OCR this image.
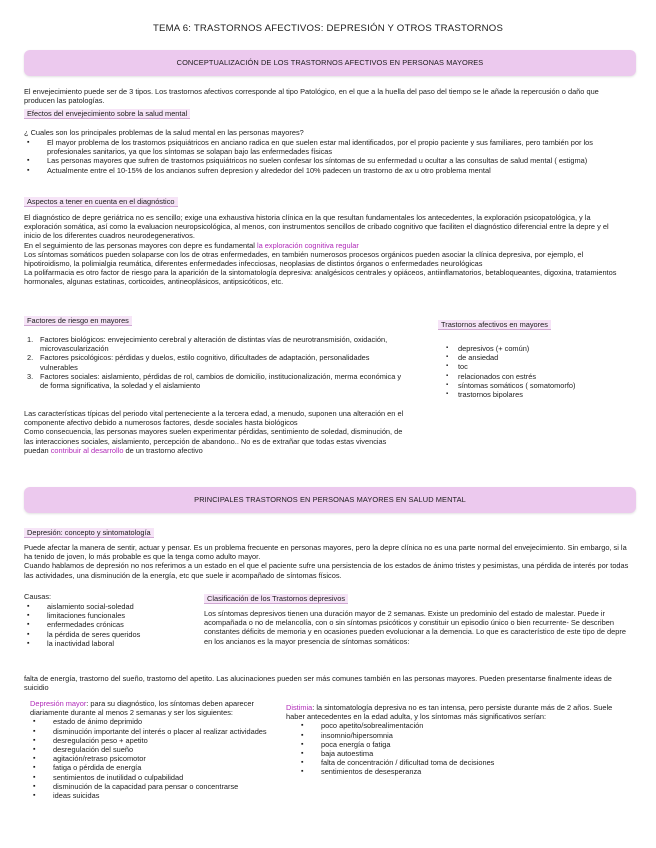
TEMA 6: TRASTORNOS AFECTIVOS: DEPRESIÓN Y OTROS TRASTORNOS
CONCEPTUALIZACIÓN DE LOS TRASTORNOS AFECTIVOS EN PERSONAS MAYORES

El envejecimiento puede ser de 3 tipos. Los trastornos afectivos corresponde al tipo Patológico, en el que a la huella del paso del tiempo se le añade la repercusión o daño que producen las patologías.

Efectos del envejecimiento sobre la salud mental

¿ Cuales son los principales problemas de la salud mental en las personas mayores?

▪ El mayor problema de los trastornos psiquiátricos en anciano radica en que suelen estar mal identificados, por el propio paciente y sus familiares, pero también por los profesionales sanitarios, ya que los síntomas se solapan bajo las enfermedades físicas
▪ Las personas mayores que sufren de trastornos psiquiátricos no suelen confesar los síntomas de su enfermedad u ocultar a las consultas de salud mental ( estigma)
▪ Actualmente entre el 10-15% de los ancianos sufren depresion y alrededor del 10% padecen un trastorno de ax u otro problema mental
Aspectos a tener en cuenta en el diagnóstico

El diagnóstico de depre geriátrica no es sencillo; exige una exhaustiva historia clínica en la que resultan fundamentales los antecedentes, la exploración psicopatológica, y la exploración somática, así como la evaluacion neuropsicológica, al menos, con instrumentos sencillos de cribado cognitivo que faciliten el diagnóstico diferencial entre la depre y el inicio de los diferentes cuadros neurodegenerativos.

En el seguimiento de las personas mayores con depre es fundamental la exploración cognitiva regular

Los síntomas somáticos pueden solaparse con los de otras enfermedades, en también numerosos procesos orgánicos pueden asociar la clínica depresiva, por ejemplo, el hipotiroidismo, la polimialgia reumática, diferentes enfermedades infecciosas, neoplasias de distintos órganos o enfermedades neurológicas

La polifarmacia es otro factor de riesgo para la aparición de la sintomatología depresiva: analgésicos centrales y opiáceos, antiinflamatorios, betabloqueantes, digoxina, tratamientos hormonales, algunas estatinas, corticoides, antineoplásicos, antipsicóticos, etc.

Factores de riesgo en mayores
1. Factores biológicos: envejecimiento cerebral y alteración de distintas vías de neurotransmisión, oxidación, microvascularización
2. Factores psicológicos: pérdidas y duelos, estilo cognitivo, dificultades de adaptación, personalidades vulnerables
3. Factores sociales: aislamiento, pérdidas de rol, cambios de domicilio, institucionalización, merma económica y de forma significativa, la soledad y el aislamiento

Las características típicas del periodo vital perteneciente a la tercera edad, a menudo, suponen una alteración en el componente afectivo debido a numerosos factores, desde sociales hasta biológicos

Como consecuencia, las personas mayores suelen experimentar pérdidas, sentimiento de soledad, disminución, de las interacciones sociales, aislamiento, percepción de abandono.. No es de extrañar que todas estas vivencias puedan contribuir al desarrollo de un trastorno afectivo

Trastornos afectivos en mayores
▪ depresivos (+ común)
▪ de ansiedad
▪ toc
▪ relacionados con estrés
▪ síntomas somáticos ( somatomorfo)
▪ trastornos bipolares
PRINCIPALES TRASTORNOS EN PERSONAS MAYORES EN SALUD MENTAL
Depresión: concepto y sintomatología

Puede afectar la manera de sentir, actuar y pensar. Es un problema frecuente en personas mayores, pero la depre clínica no es una parte normal del envejecimiento. Sin embargo, si la ha tenido de joven, lo más probable es que la tenga como adulto mayor.

Cuando hablamos de depresión no nos referimos a un estado en el que el paciente sufre una persistencia de los estados de ánimo tristes y pesimistas, una pérdida de interés por todas las actividades, una disminución de la energía, etc que suele ir acompañado de síntomas físicos.

Causas:

▪ aislamiento social-soledad
▪ limitaciones funcionales
▪ enfermedades crónicas
▪ la pérdida de seres queridos
▪ la inactividad laboral
Clasificación de los Trastornos depresivos

Los síntomas depresivos tienen una duración mayor de 2 semanas. Existe un predominio del estado de malestar. Puede ir acompañada o no de melancolía, con o sin síntomas psicóticos y constituir un episodio único o bien recurrente- Se describen constantes déficits de memoria y en ocasiones pueden evolucionar a la demencia. Lo que es característico de este tipo de depre en los ancianos es la mayor presencia de síntomas somáticos:

falta de energía, trastorno del sueño, trastorno del apetito. Las alucinaciones pueden ser más comunes también en las personas mayores. Pueden presentarse finalmente ideas de suicidio

Depresión mayor: para su diagnóstico, los síntomas deben aparecer diariamente durante al menos 2 semanas y ser los siguientes:

▪ estado de ánimo deprimido
▪ disminución importante del interés o placer al realizar actividades
▪ desregulación peso + apetito
▪ desregulación del sueño
▪ agitación/retraso psicomotor
▪ fatiga o pérdida de energía
▪ sentimientos de inutilidad o culpabilidad
▪ disminución de la capacidad para pensar o concentrarse
▪ ideas suicidas

Distimia: la sintomatología depresiva no es tan intensa, pero persiste durante más de 2 años. Suele haber antecedentes en la edad adulta, y los síntomas más significativos serían:

▪ poco apetito/sobrealimentación
▪ insomnio/hipersomnia
▪ poca energía o fatiga
▪ baja autoestima
▪ falta de concentración / dificultad toma de decisiones
▪ sentimientos de desesperanza
